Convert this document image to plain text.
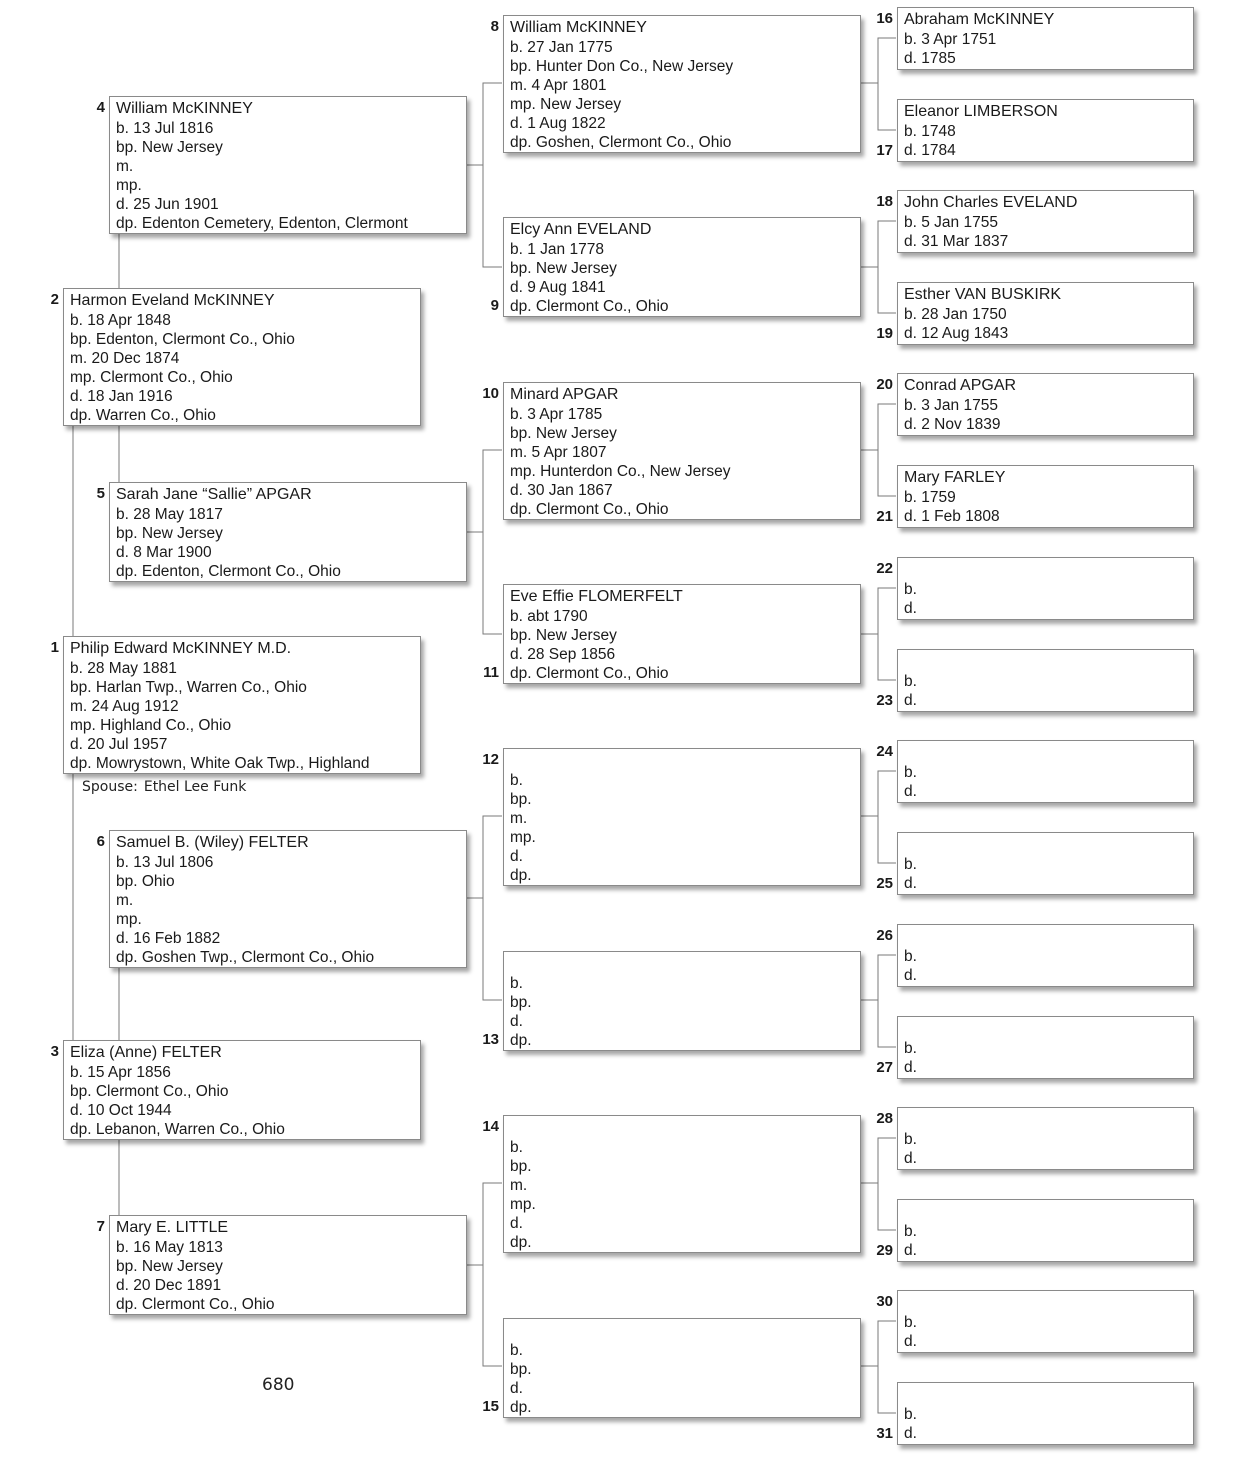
Philip Edward McKINNEY M.D.
b. 28 May 1881
bp. Harlan Twp., Warren Co., Ohio
m. 24 Aug 1912
mp. Highland Co., Ohio
d. 20 Jul 1957
dp. Mowrystown, White Oak Twp., Highland
1
Harmon Eveland McKINNEY
b. 18 Apr 1848
bp. Edenton, Clermont Co., Ohio
m. 20 Dec 1874
mp. Clermont Co., Ohio
d. 18 Jan 1916
dp. Warren Co., Ohio
2
Eliza (Anne) FELTER
b. 15 Apr 1856
bp. Clermont Co., Ohio
d. 10 Oct 1944
dp. Lebanon, Warren Co., Ohio
3
William McKINNEY
b. 13 Jul 1816
bp. New Jersey
m.
mp.
d. 25 Jun 1901
dp. Edenton Cemetery, Edenton, Clermont
4
Sarah Jane “Sallie” APGAR
b. 28 May 1817
bp. New Jersey
d. 8 Mar 1900
dp. Edenton, Clermont Co., Ohio
5
Samuel B. (Wiley) FELTER
b. 13 Jul 1806
bp. Ohio
m.
mp.
d. 16 Feb 1882
dp. Goshen Twp., Clermont Co., Ohio
6
Mary E. LITTLE
b. 16 May 1813
bp. New Jersey
d. 20 Dec 1891
dp. Clermont Co., Ohio
7
William McKINNEY
b. 27 Jan 1775
bp. Hunter Don Co., New Jersey
m. 4 Apr 1801
mp. New Jersey
d. 1 Aug 1822
dp. Goshen, Clermont Co., Ohio
8
Elcy Ann EVELAND
b. 1 Jan 1778
bp. New Jersey
d. 9 Aug 1841
dp. Clermont Co., Ohio
9
Minard APGAR
b. 3 Apr 1785
bp. New Jersey
m. 5 Apr 1807
mp. Hunterdon Co., New Jersey
d. 30 Jan 1867
dp. Clermont Co., Ohio
10
Eve Effie FLOMERFELT
b. abt 1790
bp. New Jersey
d. 28 Sep 1856
dp. Clermont Co., Ohio
11
b.
bp.
m.
mp.
d.
dp.
12
b.
bp.
d.
dp.
13
b.
bp.
m.
mp.
d.
dp.
14
b.
bp.
d.
dp.
15
Abraham McKINNEY
b. 3 Apr 1751
d. 1785
16
Eleanor LIMBERSON
b. 1748
d. 1784
17
John Charles EVELAND
b. 5 Jan 1755
d. 31 Mar 1837
18
Esther VAN BUSKIRK
b. 28 Jan 1750
d. 12 Aug 1843
19
Conrad APGAR
b. 3 Jan 1755
d. 2 Nov 1839
20
Mary FARLEY
b. 1759
d. 1 Feb 1808
21
b.
d.
22
b.
d.
23
b.
d.
24
b.
d.
25
b.
d.
26
b.
d.
27
b.
d.
28
b.
d.
29
b.
d.
30
b.
d.
31
Spouse: Ethel Lee Funk
680
